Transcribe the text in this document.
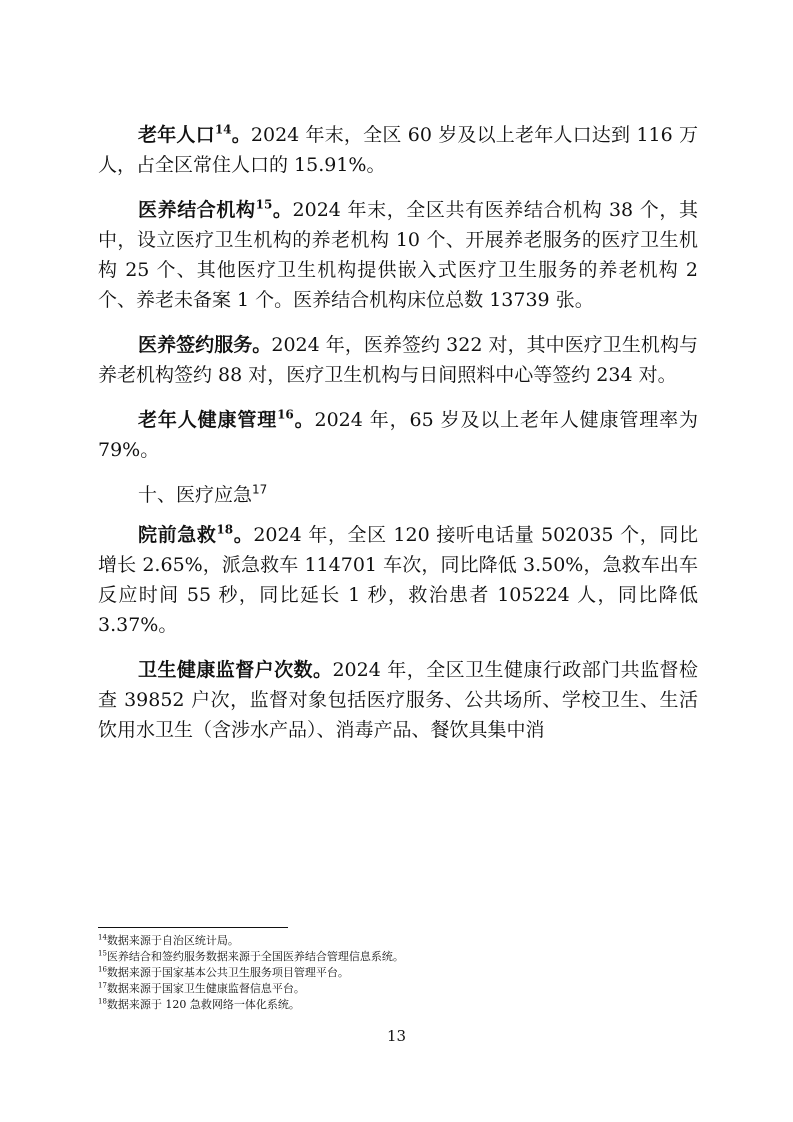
老年人口$^{14}$。2024 年末，全区 60 岁及以上老年人口达到 116 万人，占全区常住人口的 15.91%。

医养结合机构$^{15}$。2024 年末，全区共有医养结合机构 38 个，其中，设立医疗卫生机构的养老机构 10 个、开展养老服务的医疗卫生机构 25 个、其他医疗卫生机构提供嵌入式医疗卫生服务的养老机构 2 个、养老未备案 1 个。医养结合机构床位总数 13739 张。

医养签约服务。2024 年，医养签约 322 对，其中医疗卫生机构与养老机构签约 88 对，医疗卫生机构与日间照料中心等签约 234 对。

老年人健康管理$^{16}$。2024 年，65 岁及以上老年人健康管理率为 79%。

十、医疗应急$^{17}$

院前急救$^{18}$。2024 年，全区 120 接听电话量 502035 个，同比增长 2.65%，派急救车 114701 车次，同比降低 3.50%，急救车出车反应时间 55 秒，同比延长 1 秒，救治患者 105224 人，同比降低 3.37%。

卫生健康监督户次数。2024 年，全区卫生健康行政部门共监督检查 39852 户次，监督对象包括医疗服务、公共场所、学校卫生、生活饮用水卫生（含涉水产品）、消毒产品、餐饮具集中消

$^{14}$数据来源于自治区统计局。

$^{15}$医养结合和签约服务数据来源于全国医养结合管理信息系统。

$^{16}$数据来源于国家基本公共卫生服务项目管理平台。

$^{17}$数据来源于国家卫生健康监督信息平台。

$^{18}$数据来源于 120 急救网络一体化系统。

13
